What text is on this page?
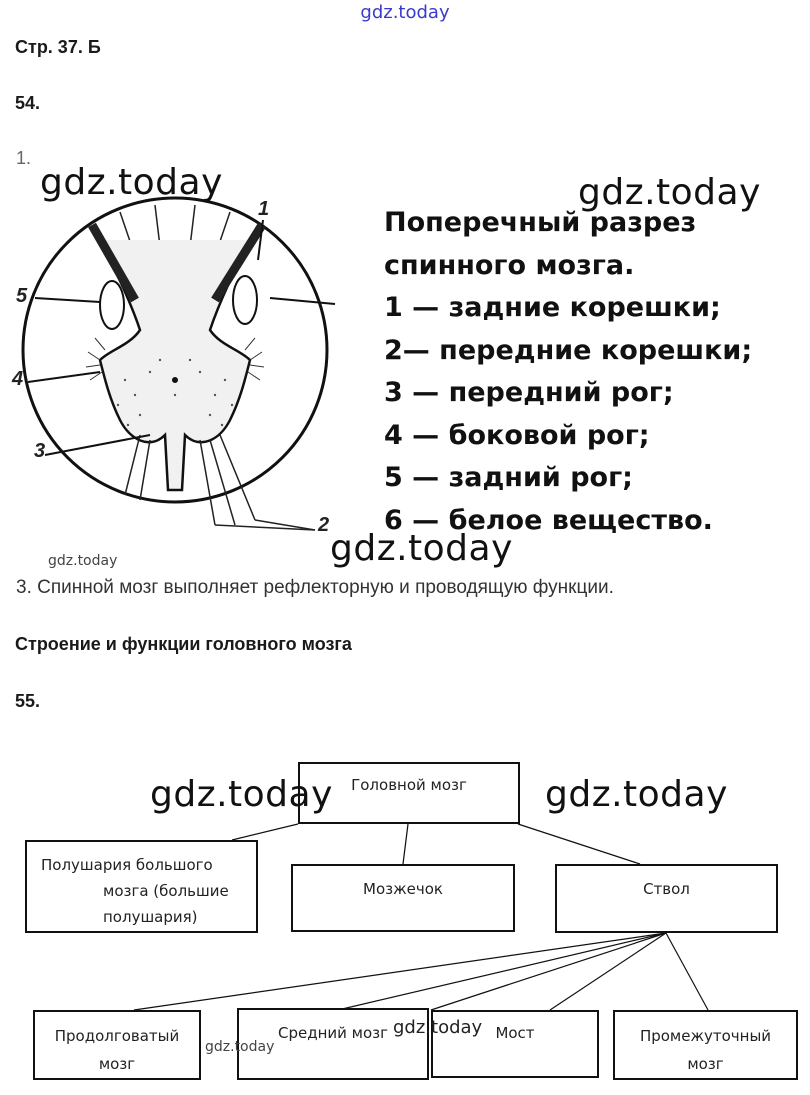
gdz.today
Стр. 37. Б
54.
1.
1
5
4
3
2
Поперечный разрез
спинного мозга.
1 — задние корешки;
2— передние корешки;
3 — передний рог;
4 — боковой рог;
5 — задний рог;
6 — белое вещество.
gdz.today	gdz.today
gdz.today
gdz.today
3. Спинной мозг выполняет рефлекторную и проводящую функции.
Строение и функции головного мозга
55.
Головной мозг
Полушария большого
мозга (большие
полушария)
Мозжечок	Ствол
Продолговатый
мозг
Средний мозг	Мост	Промежуточный
мозг
gdz.today	gdz.today
gdz.today
gdz.today
